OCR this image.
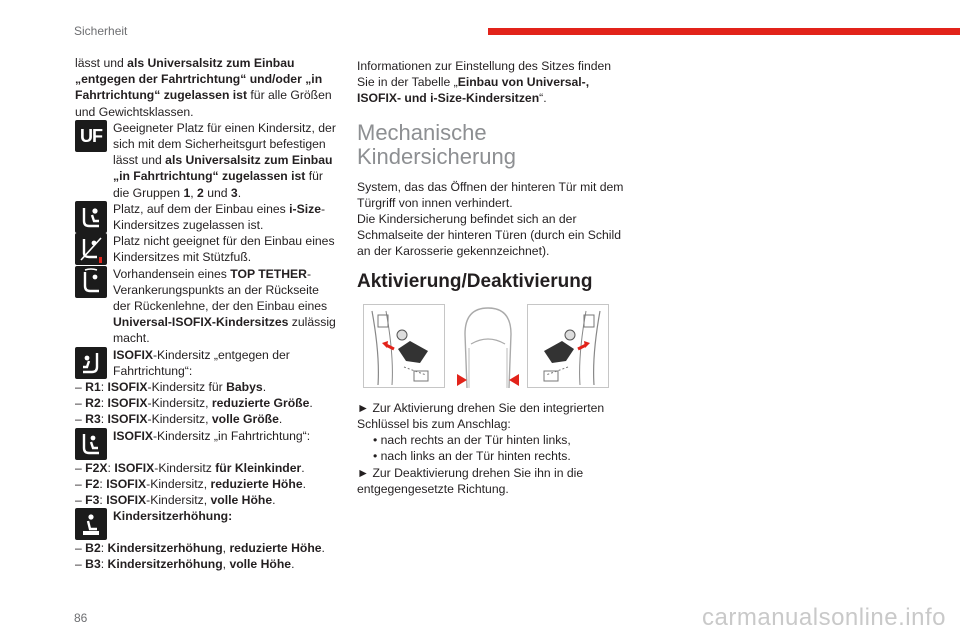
Sicherheit

lässt und als Universalsitz zum Einbau „entgegen der Fahrtrichtung“ und/oder „in Fahrtrichtung“ zugelassen ist für alle Größen und Gewichtsklassen.

UF Geeigneter Platz für einen Kindersitz, der sich mit dem Sicherheitsgurt befestigen lässt und als Universalsitz zum Einbau „in Fahrtrichtung“ zugelassen ist für die Gruppen 1, 2 und 3.
Platz, auf dem der Einbau eines i-Size-Kindersitzes zugelassen ist.
Platz nicht geeignet für den Einbau eines Kindersitzes mit Stützfuß.
Vorhandensein eines TOP TETHER-Verankerungspunkts an der Rückseite der Rückenlehne, der den Einbau eines Universal-ISOFIX-Kindersitzes zulässig macht.
ISOFIX-Kindersitz „entgegen der Fahrtrichtung“:

– R1: ISOFIX-Kindersitz für Babys.

– R2: ISOFIX-Kindersitz, reduzierte Größe.

– R3: ISOFIX-Kindersitz, volle Größe.

ISOFIX-Kindersitz „in Fahrtrichtung“:

– F2X: ISOFIX-Kindersitz für Kleinkinder.

– F2: ISOFIX-Kindersitz, reduzierte Höhe.

– F3: ISOFIX-Kindersitz, volle Höhe.

Kindersitzerhöhung:

– B2: Kindersitzerhöhung, reduzierte Höhe.

– B3: Kindersitzerhöhung, volle Höhe.

Informationen zur Einstellung des Sitzes finden Sie in der Tabelle „Einbau von Universal-, ISOFIX- und i-Size-Kindersitzen“.

Mechanische
Kindersicherung

System, das das Öffnen der hinteren Tür mit dem Türgriff von innen verhindert.

Die Kindersicherung befindet sich an der Schmalseite der hinteren Türen (durch ein Schild an der Karosserie gekennzeichnet).

Aktivierung/Deaktivierung

► Zur Aktivierung drehen Sie den integrierten Schlüssel bis zum Anschlag:

• nach rechts an der Tür hinten links,

• nach links an der Tür hinten rechts.

► Zur Deaktivierung drehen Sie ihn in die entgegengesetzte Richtung.

86	carmanualsonline.info
